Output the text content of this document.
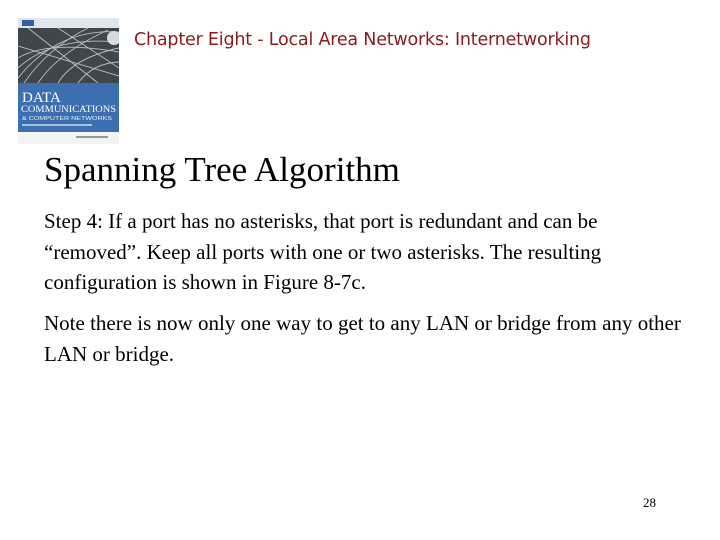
DATA
COMMUNICATIONS
& COMPUTER NETWORKS
Chapter Eight - Local Area Networks: Internetworking
Spanning Tree Algorithm
Step 4: If a port has no asterisks, that port is redundant and can be “removed”. Keep all ports with one or two asterisks. The resulting configuration is shown in Figure 8-7c.
Note there is now only one way to get to any LAN or bridge from any other LAN or bridge.
28
